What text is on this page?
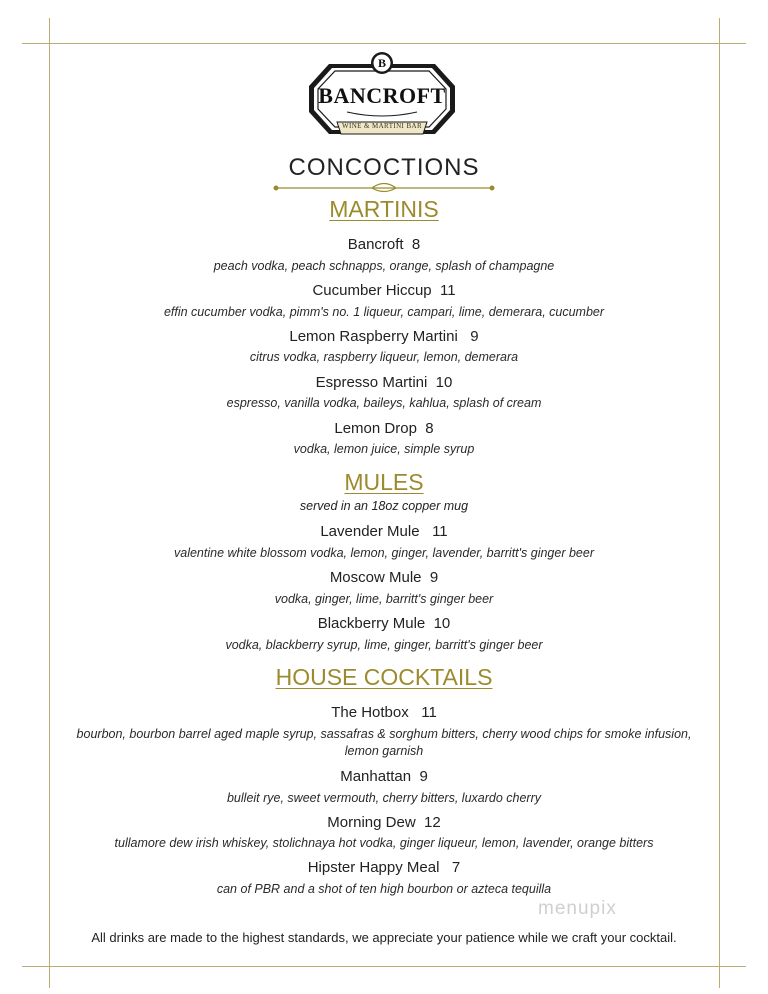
B
BANCROFT
WINE & MARTINI BAR
CONCOCTIONS
MARTINIS
Bancroft  8
peach vodka, peach schnapps, orange, splash of champagne
Cucumber Hiccup  11
effin cucumber vodka, pimm's no. 1 liqueur, campari, lime, demerara, cucumber
Lemon Raspberry Martini   9
citrus vodka, raspberry liqueur, lemon, demerara
Espresso Martini  10
espresso, vanilla vodka, baileys, kahlua, splash of cream
Lemon Drop  8
vodka, lemon juice, simple syrup
MULES
served in an 18oz copper mug
Lavender Mule   11
valentine white blossom vodka, lemon, ginger, lavender, barritt's ginger beer
Moscow Mule  9
vodka, ginger, lime, barritt's ginger beer
Blackberry Mule  10
vodka, blackberry syrup, lime, ginger, barritt's ginger beer
HOUSE COCKTAILS
The Hotbox   11
bourbon, bourbon barrel aged maple syrup, sassafras & sorghum bitters, cherry wood chips for smoke infusion, lemon garnish
Manhattan  9
bulleit rye, sweet vermouth, cherry bitters, luxardo cherry
Morning Dew  12
tullamore dew irish whiskey, stolichnaya hot vodka, ginger liqueur, lemon, lavender, orange bitters
Hipster Happy Meal   7
can of PBR and a shot of ten high bourbon or azteca tequilla
menupix
All drinks are made to the highest standards, we appreciate your patience while we craft your cocktail.
